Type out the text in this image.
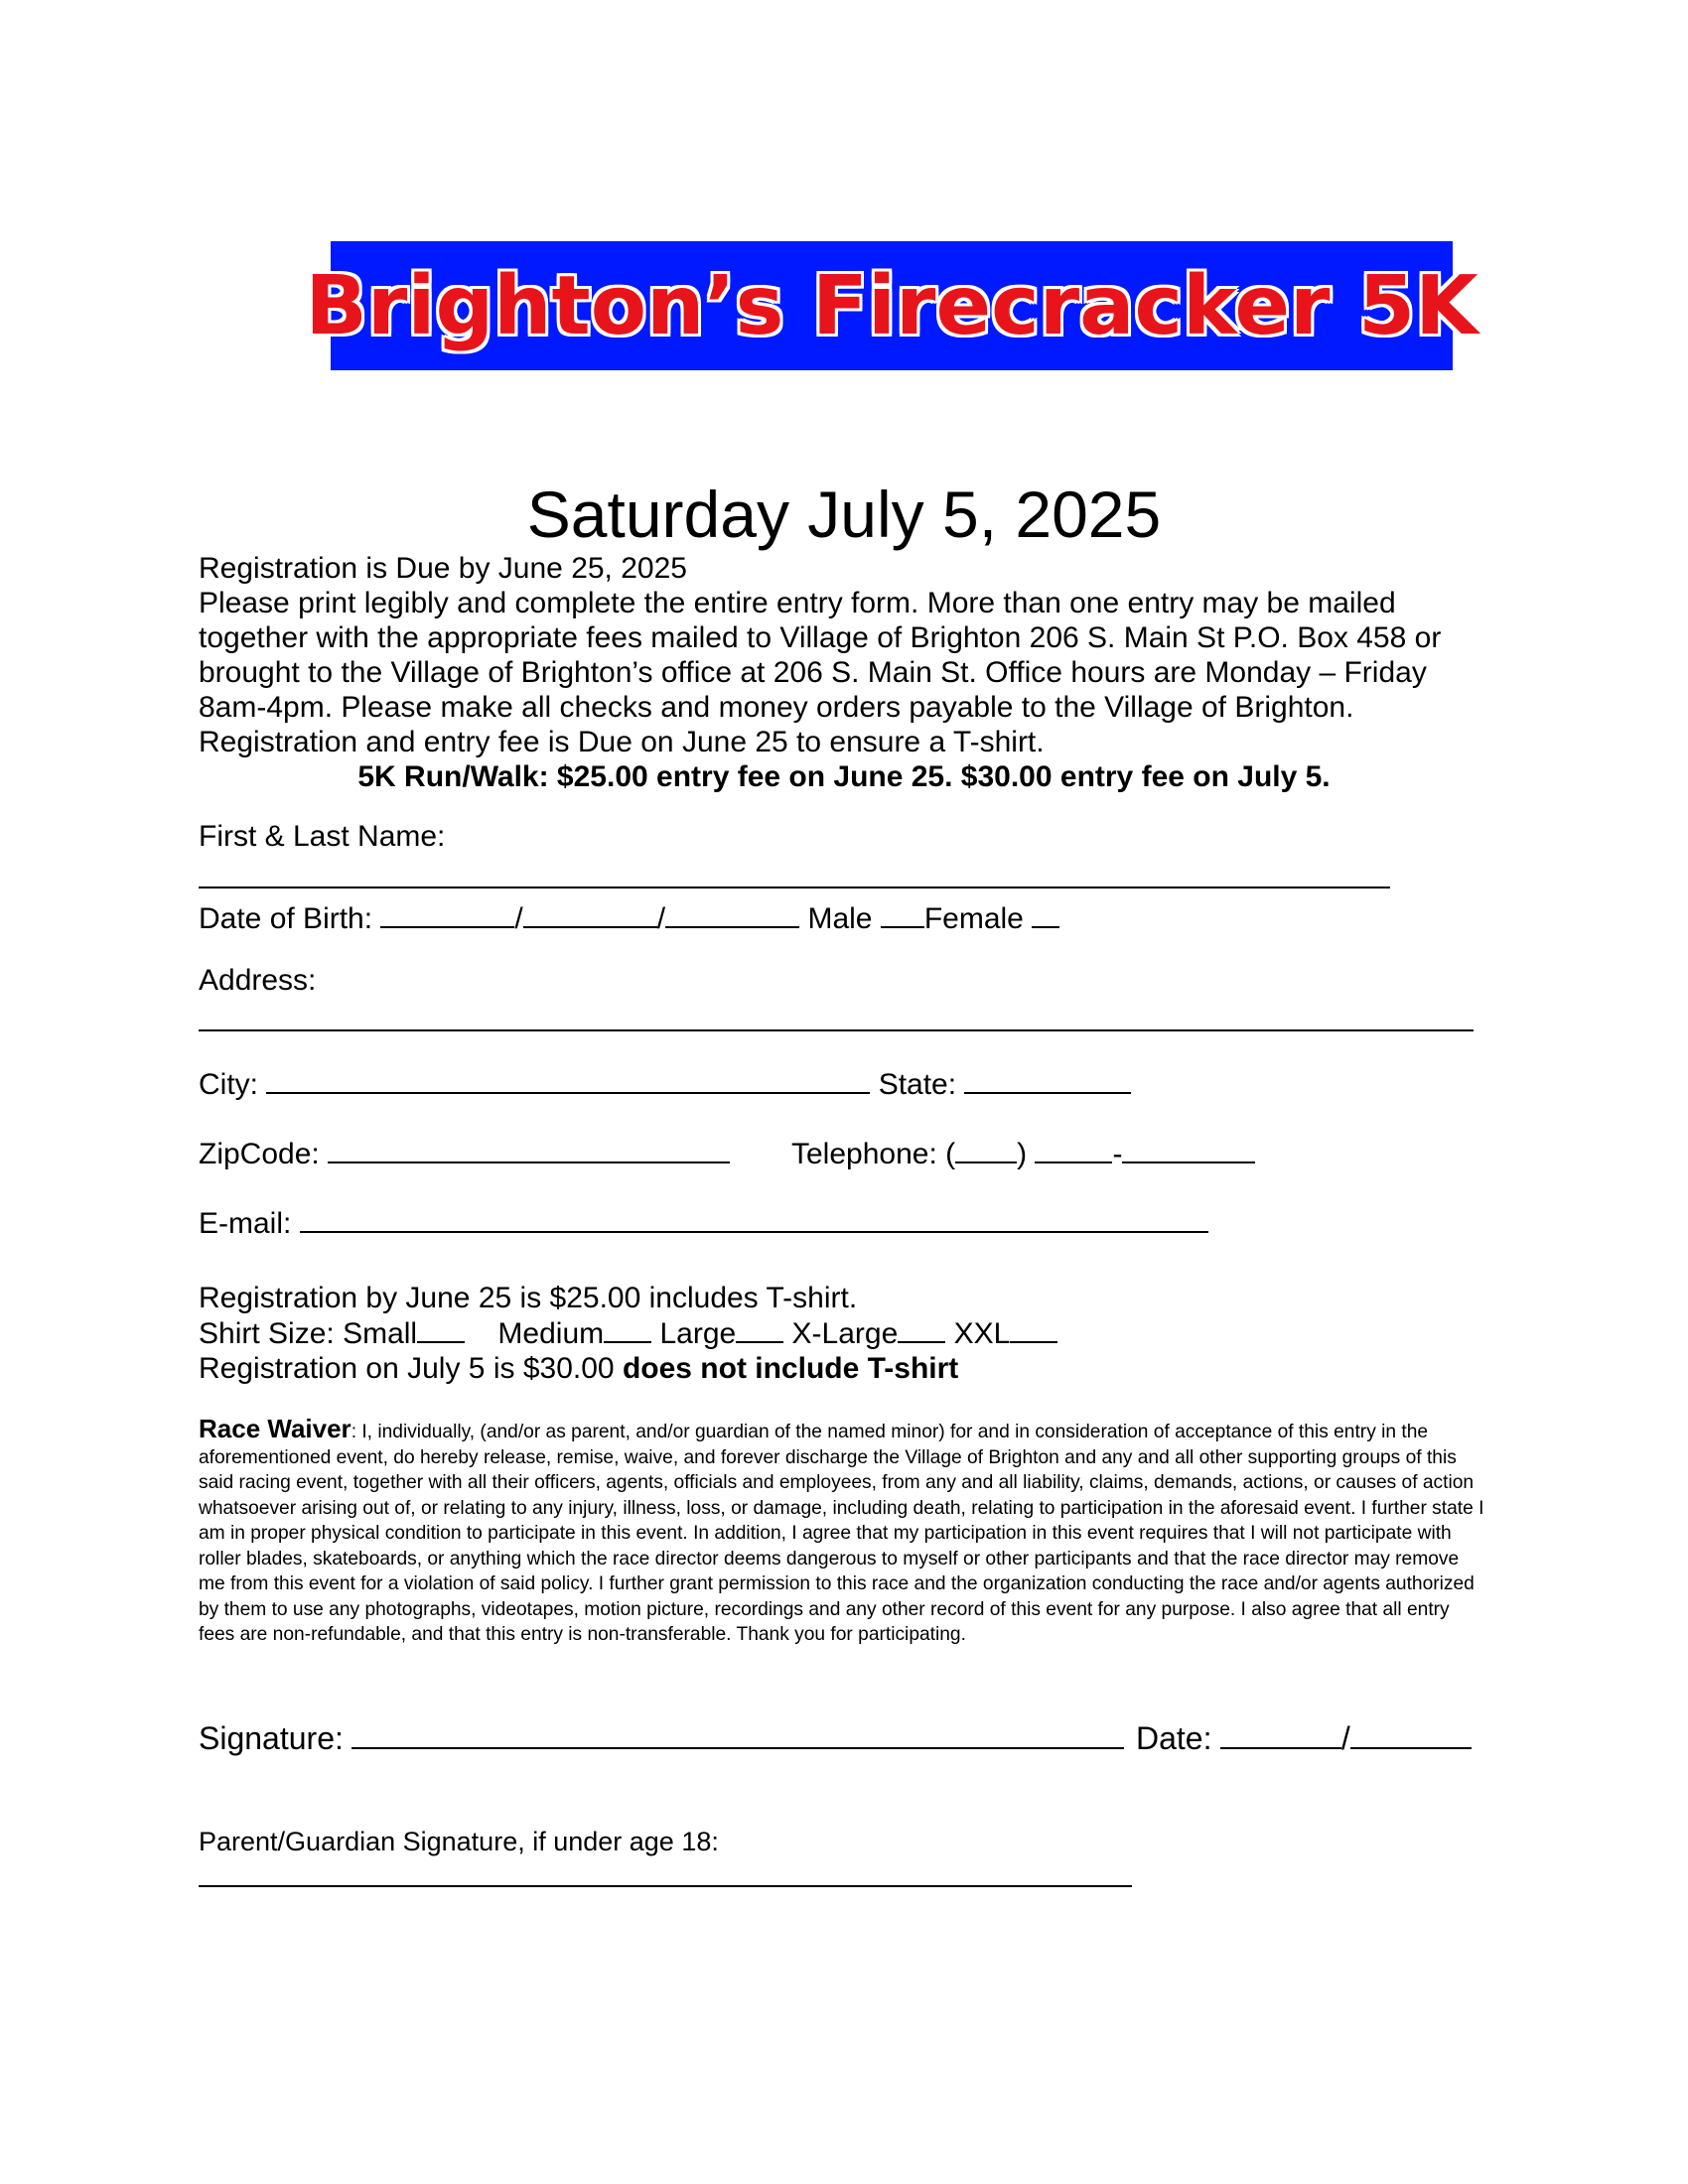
Brighton’s Firecracker 5K
Saturday July 5, 2025

Registration is Due by June 25, 2025

Please print legibly and complete the entire entry form. More than one entry may be mailed together with the appropriate fees mailed to Village of Brighton 206 S. Main St P.O. Box 458 or brought to the Village of Brighton’s office at 206 S. Main St. Office hours are Monday – Friday 8am-4pm. Please make all checks and money orders payable to the Village of Brighton.

Registration and entry fee is Due on June 25 to ensure a T-shirt.

5K Run/Walk: $25.00 entry fee on June 25. $30.00 entry fee on July 5.

First & Last Name:
Date of Birth:	/	/	Male Female
Address:
City:	State:
ZipCode:	Telephone: ( )	-
E-mail:
Registration by June 25 is $25.00 includes T-shirt.
Shirt Size: Small	Medium Large X-Large XXL
Registration on July 5 is $30.00 does not include T-shirt
Race Waiver: I, individually, (and/or as parent, and/or guardian of the named minor) for and in consideration of acceptance of this entry in the aforementioned event, do hereby release, remise, waive, and forever discharge the Village of Brighton and any and all other supporting groups of this said racing event, together with all their officers, agents, officials and employees, from any and all liability, claims, demands, actions, or causes of action whatsoever arising out of, or relating to any injury, illness, loss, or damage, including death, relating to participation in the aforesaid event. I further state I am in proper physical condition to participate in this event. In addition, I agree that my participation in this event requires that I will not participate with roller blades, skateboards, or anything which the race director deems dangerous to myself or other participants and that the race director may remove me from this event for a violation of said policy. I further grant permission to this race and the organization conducting the race and/or agents authorized by them to use any photographs, videotapes, motion picture, recordings and any other record of this event for any purpose. I also agree that all entry fees are non-refundable, and that this entry is non-transferable. Thank you for participating.
Signature:	Date:	/
Parent/Guardian Signature, if under age 18:
